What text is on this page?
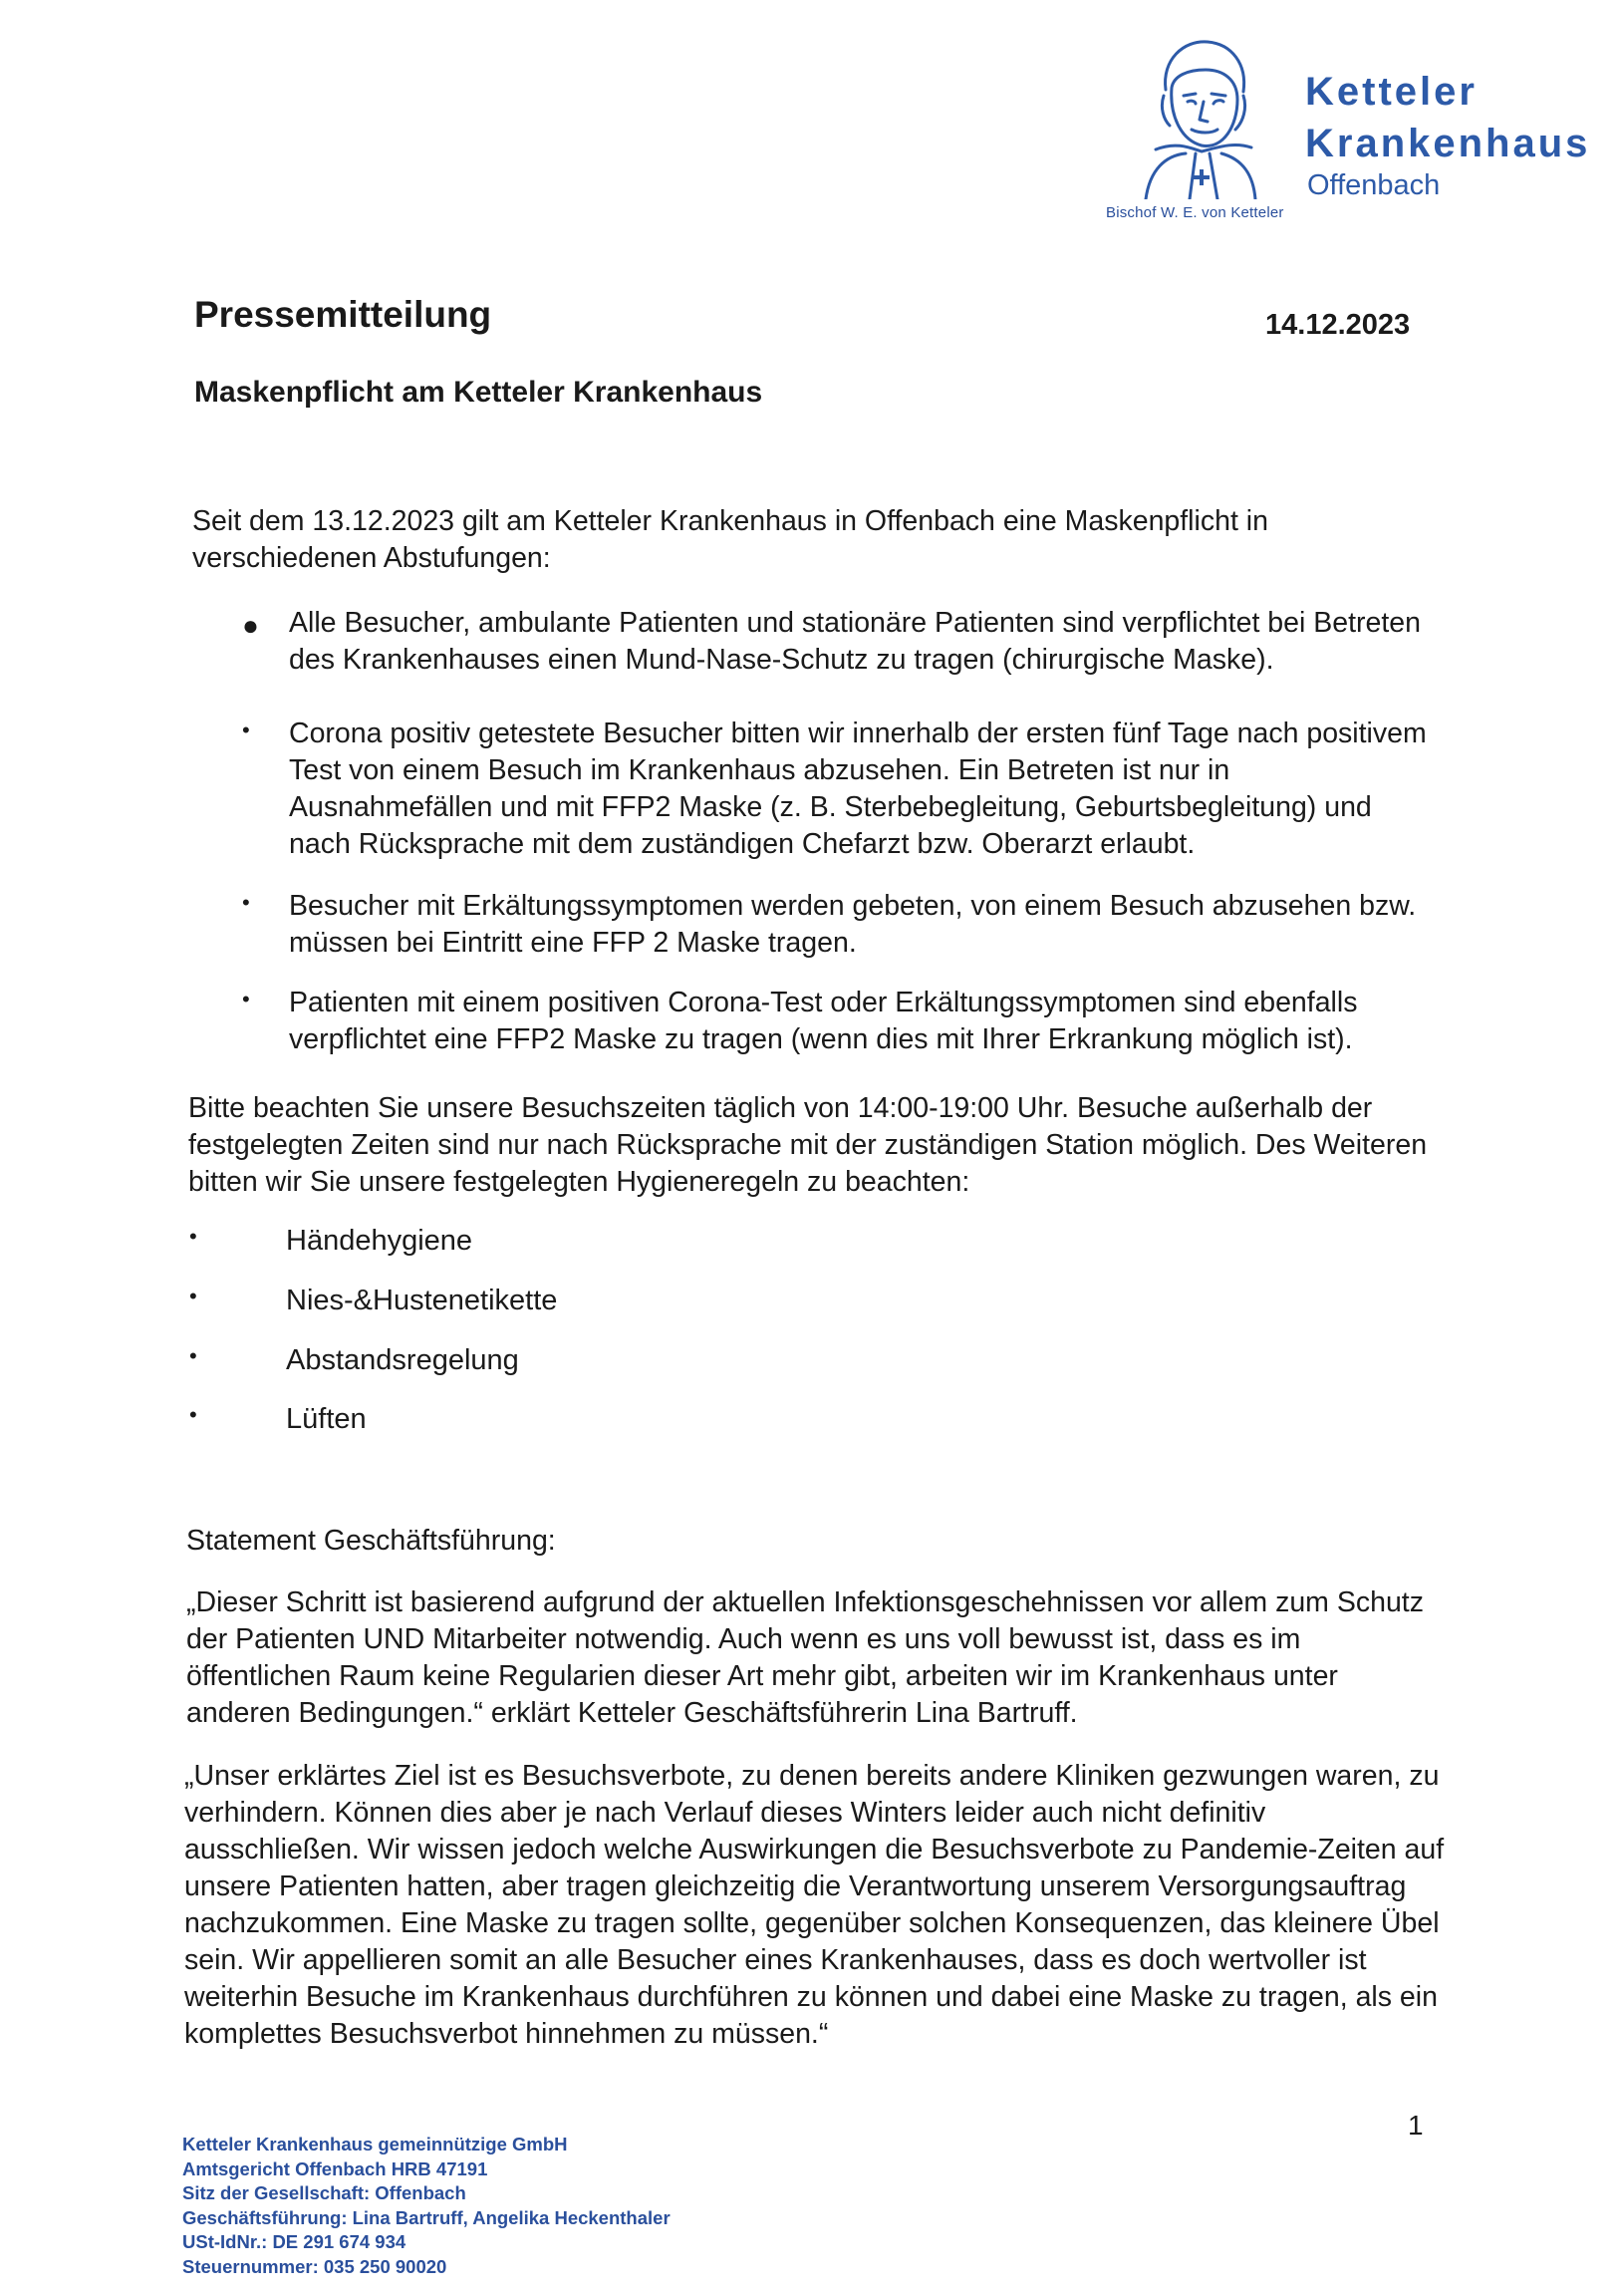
Bischof W. E. von Ketteler
Ketteler
Krankenhaus
Offenbach
Pressemitteilung	14.12.2023
Maskenpflicht am Ketteler Krankenhaus
Seit dem 13.12.2023 gilt am Ketteler Krankenhaus in Offenbach eine Maskenpflicht in verschiedenen Abstufungen:
● Alle Besucher, ambulante Patienten und stationäre Patienten sind verpflichtet bei Betreten des Krankenhauses einen Mund-Nase-Schutz zu tragen (chirurgische Maske).
• Corona positiv getestete Besucher bitten wir innerhalb der ersten fünf Tage nach positivem Test von einem Besuch im Krankenhaus abzusehen. Ein Betreten ist nur in Ausnahmefällen und mit FFP2 Maske (z. B. Sterbebegleitung, Geburtsbegleitung) und nach Rücksprache mit dem zuständigen Chefarzt bzw. Oberarzt erlaubt.
• Besucher mit Erkältungssymptomen werden gebeten, von einem Besuch abzusehen bzw. müssen bei Eintritt eine FFP 2 Maske tragen.
• Patienten mit einem positiven Corona-Test oder Erkältungssymptomen sind ebenfalls verpflichtet eine FFP2 Maske zu tragen (wenn dies mit Ihrer Erkrankung möglich ist).
Bitte beachten Sie unsere Besuchszeiten täglich von 14:00-19:00 Uhr. Besuche außerhalb der festgelegten Zeiten sind nur nach Rücksprache mit der zuständigen Station möglich. Des Weiteren bitten wir Sie unsere festgelegten Hygieneregeln zu beachten:
•	Händehygiene
•	Nies-&Hustenetikette
•	Abstandsregelung
•	Lüften
Statement Geschäftsführung:
„Dieser Schritt ist basierend aufgrund der aktuellen Infektionsgeschehnissen vor allem zum Schutz der Patienten UND Mitarbeiter notwendig. Auch wenn es uns voll bewusst ist, dass es im öffentlichen Raum keine Regularien dieser Art mehr gibt, arbeiten wir im Krankenhaus unter anderen Bedingungen.“ erklärt Ketteler Geschäftsführerin Lina Bartruff.
„Unser erklärtes Ziel ist es Besuchsverbote, zu denen bereits andere Kliniken gezwungen waren, zu verhindern. Können dies aber je nach Verlauf dieses Winters leider auch nicht definitiv ausschließen. Wir wissen jedoch welche Auswirkungen die Besuchsverbote zu Pandemie-Zeiten auf unsere Patienten hatten, aber tragen gleichzeitig die Verantwortung unserem Versorgungsauftrag nachzukommen. Eine Maske zu tragen sollte, gegenüber solchen Konsequenzen, das kleinere Übel sein. Wir appellieren somit an alle Besucher eines Krankenhauses, dass es doch wertvoller ist weiterhin Besuche im Krankenhaus durchführen zu können und dabei eine Maske zu tragen, als ein komplettes Besuchsverbot hinnehmen zu müssen.“
1
Ketteler Krankenhaus gemeinnützige GmbH
Amtsgericht Offenbach HRB 47191
Sitz der Gesellschaft: Offenbach
Geschäftsführung: Lina Bartruff, Angelika Heckenthaler
USt-IdNr.: DE 291 674 934
Steuernummer: 035 250 90020
